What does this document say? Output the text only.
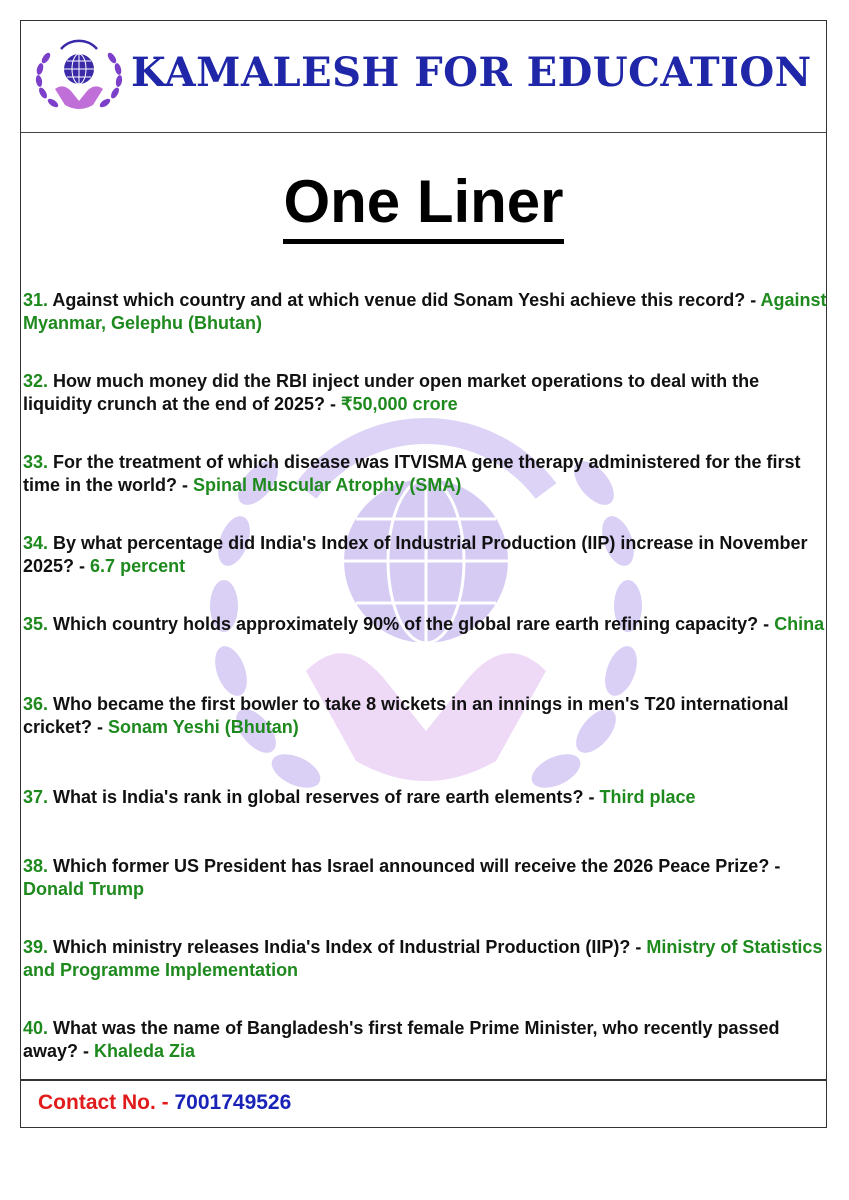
KAMALESH FOR EDUCATION
One Liner
31. Against which country and at which venue did Sonam Yeshi achieve this record? - Against Myanmar, Gelephu (Bhutan)
32. How much money did the RBI inject under open market operations to deal with the liquidity crunch at the end of 2025? - ₹50,000 crore
33. For the treatment of which disease was ITVISMA gene therapy administered for the first time in the world? - Spinal Muscular Atrophy (SMA)
34. By what percentage did India's Index of Industrial Production (IIP) increase in November 2025? - 6.7 percent
35. Which country holds approximately 90% of the global rare earth refining capacity? - China
36. Who became the first bowler to take 8 wickets in an innings in men's T20 international cricket? - Sonam Yeshi (Bhutan)
37. What is India's rank in global reserves of rare earth elements? - Third place
38. Which former US President has Israel announced will receive the 2026 Peace Prize? - Donald Trump
39. Which ministry releases India's Index of Industrial Production (IIP)? - Ministry of Statistics and Programme Implementation
40. What was the name of Bangladesh's first female Prime Minister, who recently passed away? - Khaleda Zia
Contact No. - 7001749526
